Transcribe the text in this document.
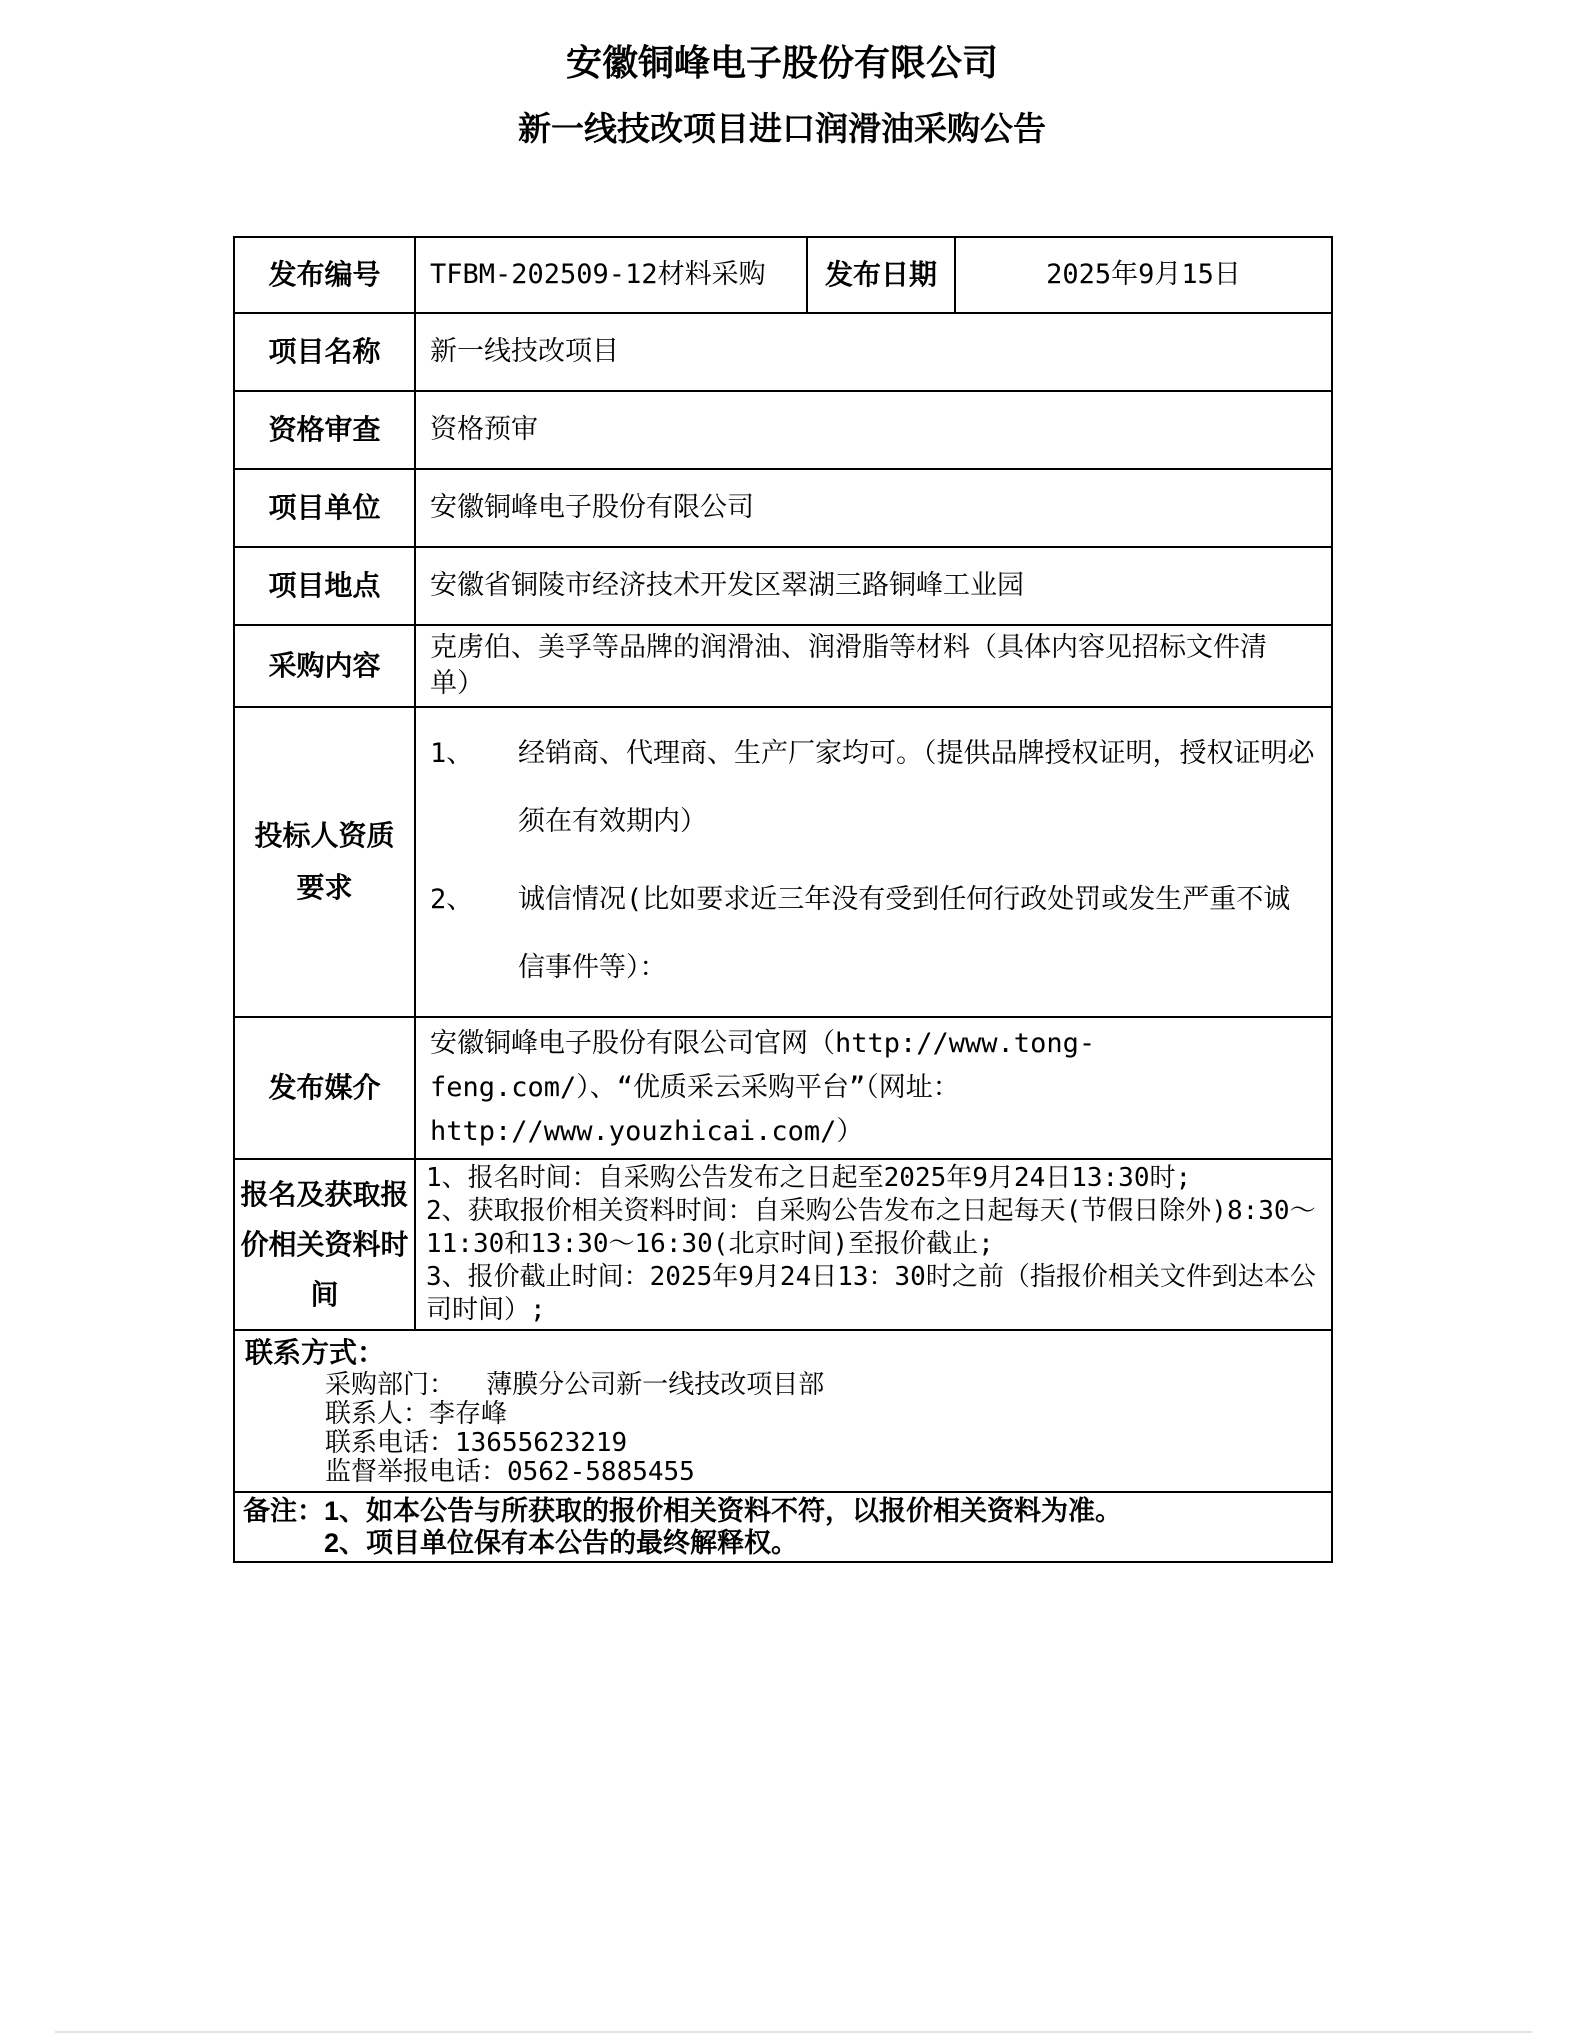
安徽铜峰电子股份有限公司
新一线技改项目进口润滑油采购公告
发布编号	TFBM-202509-12材料采购	发布日期	2025年9月15日
项目名称	新一线技改项目		
资格审查	资格预审		
项目单位	安徽铜峰电子股份有限公司		
项目地点	安徽省铜陵市经济技术开发区翠湖三路铜峰工业园		
采购内容	克虏伯、美孚等品牌的润滑油、润滑脂等材料（具体内容见招标文件清单）		
投标人资质要求	1、 经销商、代理商、生产厂家均可。（提供品牌授权证明，授权证明必须在有效期内）
2、 诚信情况(比如要求近三年没有受到任何行政处罚或发生严重不诚信事件等）：		

发布媒介	安徽铜峰电子股份有限公司官网（http://www.tong-feng.com/）、“优质采云采购平台”（网址： http://www.youzhicai.com/）		
报名及获取报价相关资料时间	1、报名时间：自采购公告发布之日起至2025年9月24日13:30时;

2、获取报价相关资料时间：自采购公告发布之日起每天(节假日除外)8:30～11:30和13:30～16:30(北京时间)至报价截止;

3、报价截止时间：2025年9月24日13：30时之前（指报价相关文件到达本公司时间）;		

联系方式：
采购部门：  薄膜分公司新一线技改项目部
联系人：李存峰
联系电话：13655623219
监督举报电话：0562-5885455			

备注： 1、如本公告与所获取的报价相关资料不符，以报价相关资料为准。

2、项目单位保有本公告的最终解释权。			
